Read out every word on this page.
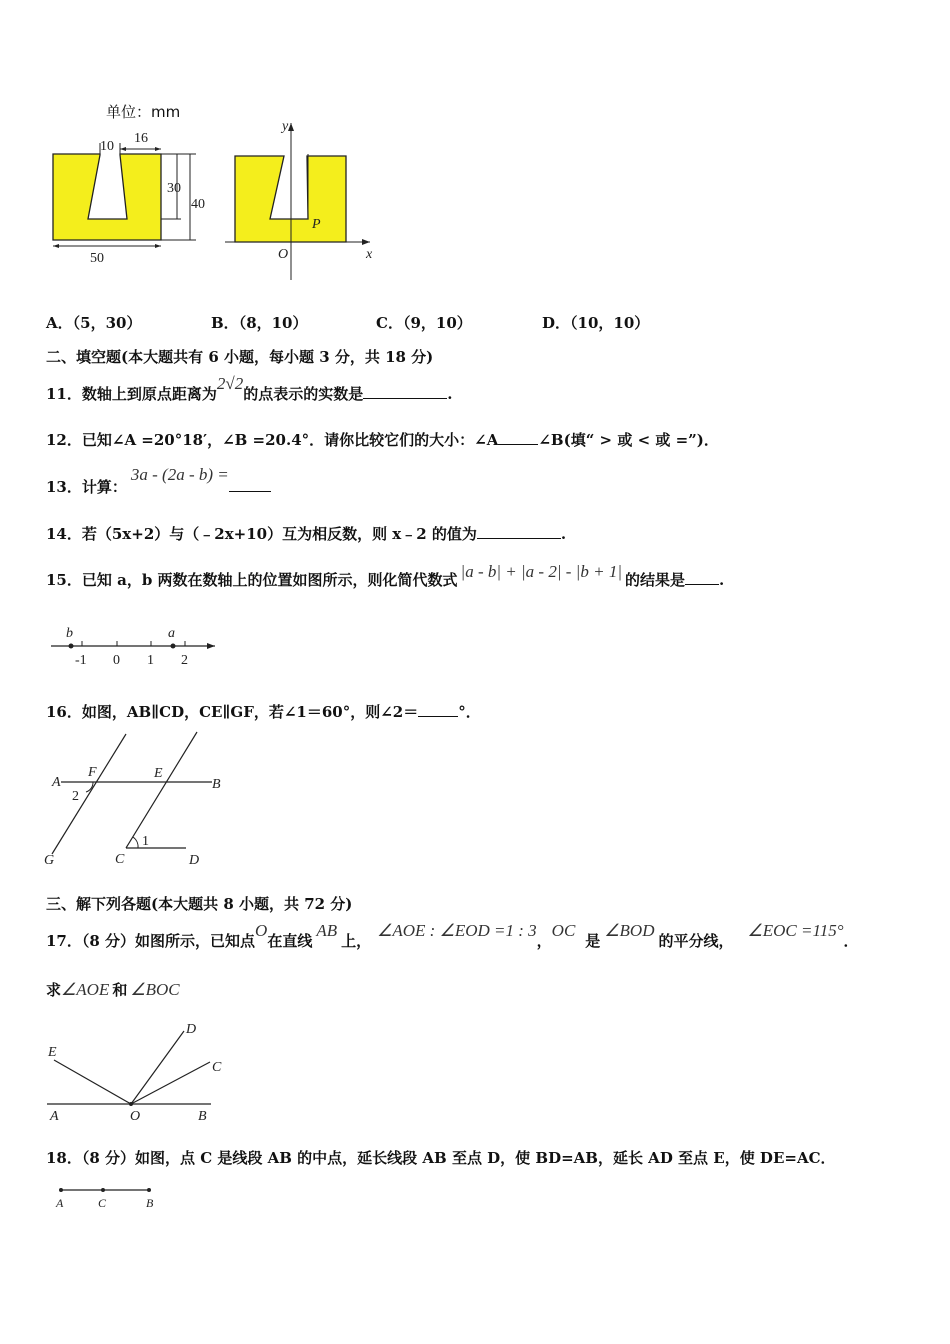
单位：mm
10
16
30
40
50
y
x
O
P
A．（5，30）	B．（8，10）	C．（9，10）	D．（10，10）
二、填空题(本大题共有 6 小题，每小题 3 分，共 18 分)
11．数轴上到原点距离为2√2的点表示的实数是	.
12．已知∠A =20°18′，∠B =20.4°．请你比较它们的大小：∠A	∠B(填“ > 或 < 或 =”)．
13．计算：3a - (2a - b) =
14．若（5x+2）与（﹣2x+10）互为相反数，则 x﹣2 的值为	.
15．已知 a，b 两数在数轴上的位置如图所示，则化简代数式 |a - b| + |a - 2| - |b + 1| 的结果是 .
b	a
-1 0 1 2
16．如图，AB∥CD，CE∥GF，若∠1＝60°，则∠2＝	°．
A	B
F	E
2
1
G	C	D
三、解下列各题(本大题共 8 小题，共 72 分)
17．（8 分）如图所示，已知点O在直线AB上，∠AOE : ∠EOD =1 : 3，OC是∠BOD的平分线，∠EOC =115°．
求∠AOE 和 ∠BOC
E
D
C
A	O	B
18．（8 分）如图，点 C 是线段 AB 的中点，延长线段 AB 至点 D，使 BD=AB，延长 AD 至点 E，使 DE=AC．
A	C	B
